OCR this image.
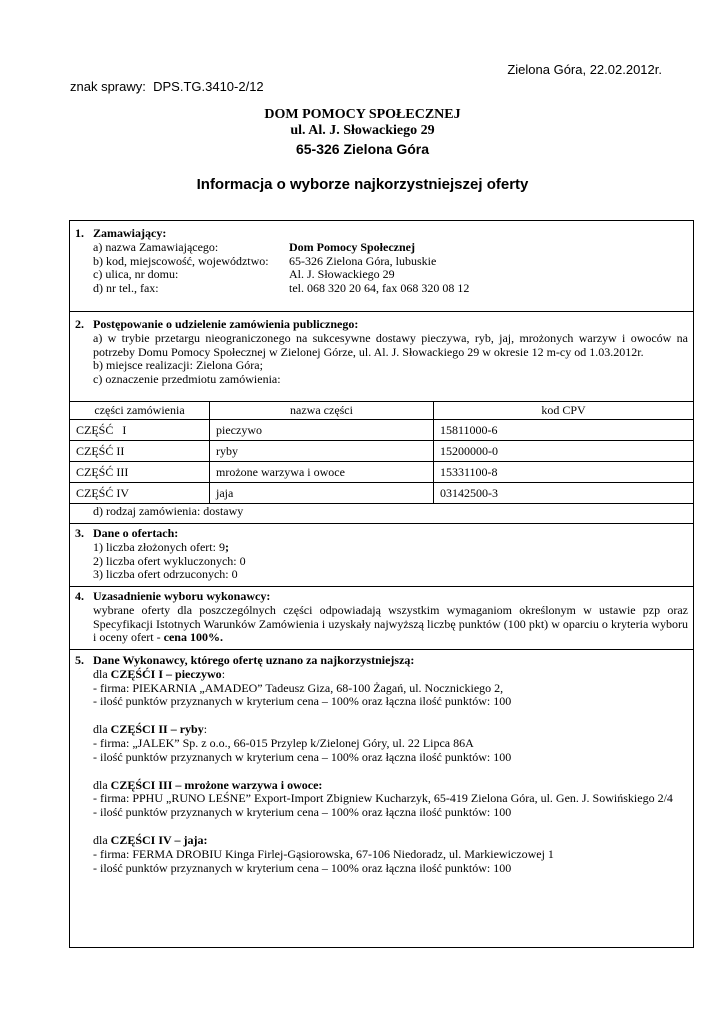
Zielona Góra, 22.02.2012r.
znak sprawy: DPS.TG.3410-2/12
DOM POMOCY SPOŁECZNEJ
ul. Al. J. Słowackiego 29
65-326 Zielona Góra
Informacja o wyborze najkorzystniejszej oferty
1. Zamawiający:
a) nazwa Zamawiającego:	Dom Pomocy Społecznej
b) kod, miejscowość, województwo:	65-326 Zielona Góra, lubuskie
c) ulica, nr domu:	Al. J. Słowackiego 29
d) nr tel., fax:	tel. 068 320 20 64, fax 068 320 08 12
2. Postępowanie o udzielenie zamówienia publicznego:
a) w trybie przetargu nieograniczonego na sukcesywne dostawy pieczywa, ryb, jaj, mrożonych warzyw i owoców na potrzeby Domu Pomocy Społecznej w Zielonej Górze, ul. Al. J. Słowackiego 29 w okresie 12 m-cy od 1.03.2012r.
b) miejsce realizacji: Zielona Góra;
c) oznaczenie przedmiotu zamówienia:
części zamówienia	nazwa części	kod CPV
CZĘŚĆ   I	pieczywo	15811000-6
CZĘŚĆ II	ryby	15200000-0
CZĘŚĆ III	mrożone warzywa i owoce	15331100-8
CZĘŚĆ IV	jaja	03142500-3
d) rodzaj zamówienia: dostawy
3. Dane o ofertach:
1) liczba złożonych ofert: 9;
2) liczba ofert wykluczonych: 0
3) liczba ofert odrzuconych: 0
4. Uzasadnienie wyboru wykonawcy:
wybrane oferty dla poszczególnych części odpowiadają wszystkim wymaganiom określonym w ustawie pzp oraz Specyfikacji Istotnych Warunków Zamówienia i uzyskały najwyższą liczbę punktów (100 pkt) w oparciu o kryteria wyboru i oceny ofert - cena 100%.
5. Dane Wykonawcy, którego ofertę uznano za najkorzystniejszą:
dla CZĘŚĆI I – pieczywo:
- firma: PIEKARNIA „AMADEO” Tadeusz Giza, 68-100 Żagań, ul. Nocznickiego 2,
- ilość punktów przyznanych w kryterium cena – 100% oraz łączna ilość punktów: 100
dla CZĘŚCI II – ryby:
- firma: „JALEK” Sp. z o.o., 66-015 Przylep k/Zielonej Góry, ul. 22 Lipca 86A
- ilość punktów przyznanych w kryterium cena – 100% oraz łączna ilość punktów: 100
dla CZĘŚCI III – mrożone warzywa i owoce:
- firma: PPHU „RUNO LEŚNE” Export-Import Zbigniew Kucharzyk, 65-419 Zielona Góra, ul. Gen. J. Sowińskiego 2/4
- ilość punktów przyznanych w kryterium cena – 100% oraz łączna ilość punktów: 100
dla CZĘŚCI IV – jaja:
- firma: FERMA DROBIU Kinga Firlej-Gąsiorowska, 67-106 Niedoradz, ul. Markiewiczowej 1
- ilość punktów przyznanych w kryterium cena – 100% oraz łączna ilość punktów: 100
